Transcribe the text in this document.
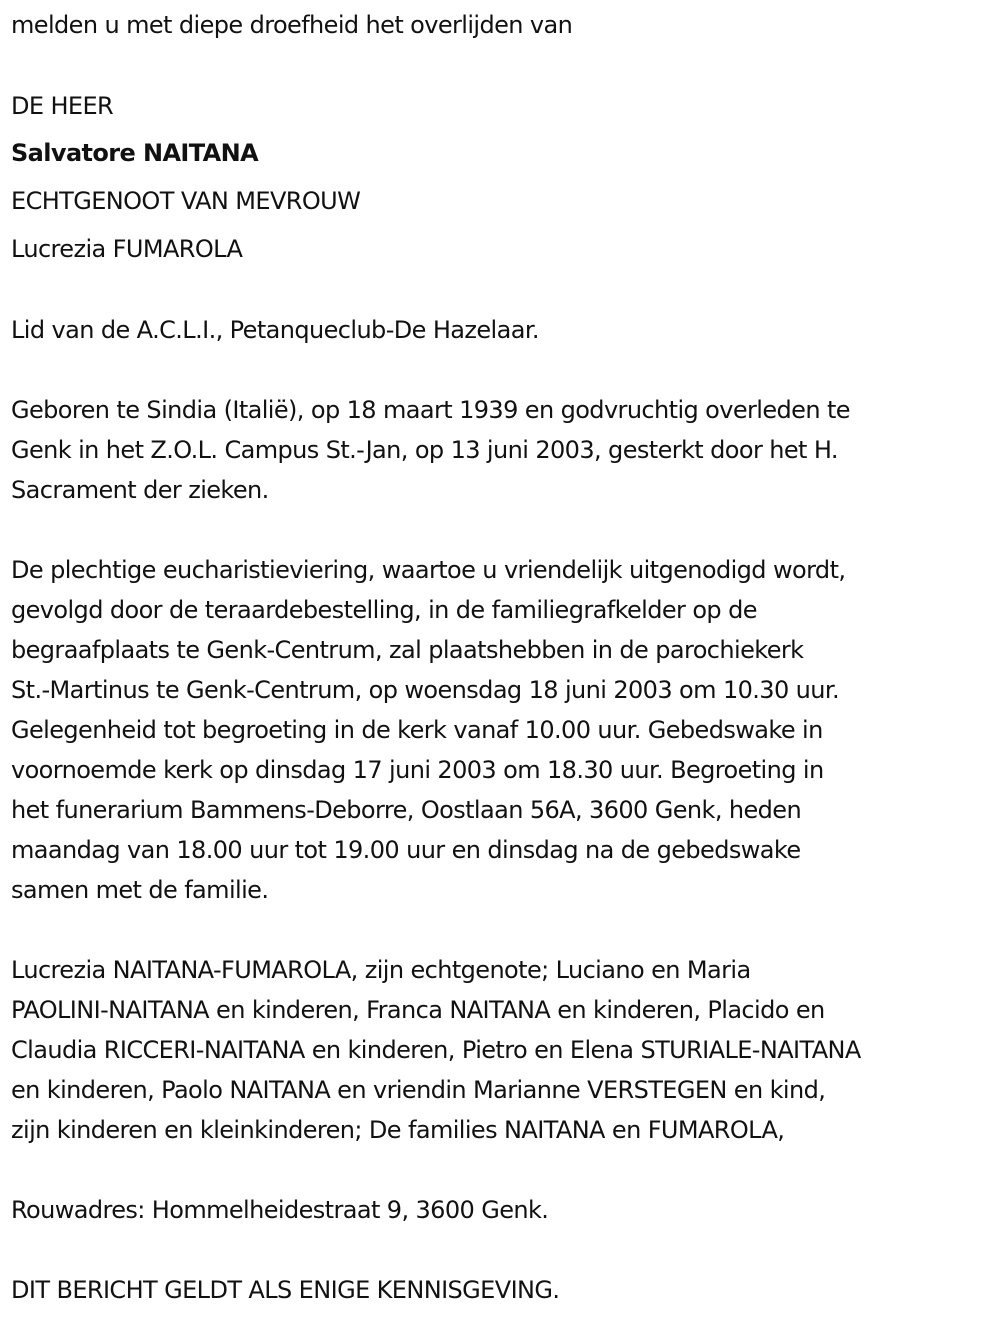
melden u met diepe droefheid het overlijden van

DE HEER

Salvatore NAITANA

ECHTGENOOT VAN MEVROUW

Lucrezia FUMAROLA

Lid van de A.C.L.I., Petanqueclub-De Hazelaar.

Geboren te Sindia (Italië), op 18 maart 1939 en godvruchtig overleden te

Genk in het Z.O.L. Campus St.-Jan, op 13 juni 2003, gesterkt door het H.

Sacrament der zieken.

De plechtige eucharistieviering, waartoe u vriendelijk uitgenodigd wordt,

gevolgd door de teraardebestelling, in de familiegrafkelder op de

begraafplaats te Genk-Centrum, zal plaatshebben in de parochiekerk

St.-Martinus te Genk-Centrum, op woensdag 18 juni 2003 om 10.30 uur.

Gelegenheid tot begroeting in de kerk vanaf 10.00 uur. Gebedswake in

voornoemde kerk op dinsdag 17 juni 2003 om 18.30 uur. Begroeting in

het funerarium Bammens-Deborre, Oostlaan 56A, 3600 Genk, heden

maandag van 18.00 uur tot 19.00 uur en dinsdag na de gebedswake

samen met de familie.

Lucrezia NAITANA-FUMAROLA, zijn echtgenote; Luciano en Maria

PAOLINI-NAITANA en kinderen, Franca NAITANA en kinderen, Placido en

Claudia RICCERI-NAITANA en kinderen, Pietro en Elena STURIALE-NAITANA

en kinderen, Paolo NAITANA en vriendin Marianne VERSTEGEN en kind,

zijn kinderen en kleinkinderen; De families NAITANA en FUMAROLA,

Rouwadres: Hommelheidestraat 9, 3600 Genk.

DIT BERICHT GELDT ALS ENIGE KENNISGEVING.
